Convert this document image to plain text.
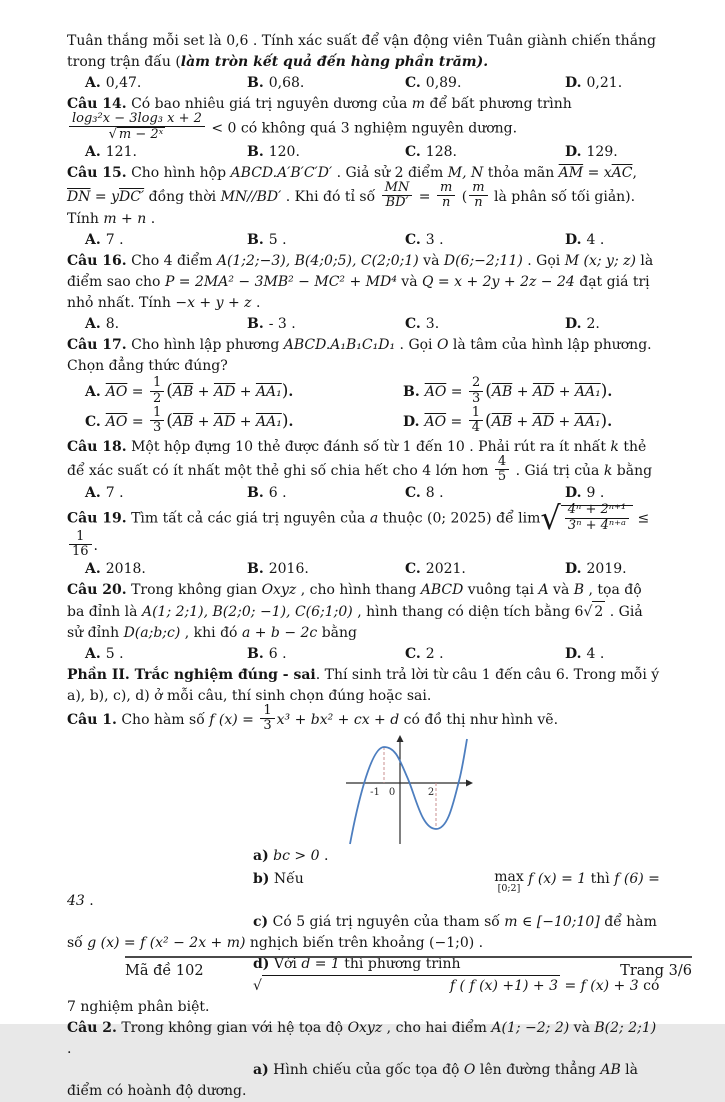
Tuân thắng mỗi set là 0,6 . Tính xác suất để vận động viên Tuân giành chiến thắng trong trận đấu (làm tròn kết quả đến hàng phần trăm).

A. 0,47.	B. 0,68.	C. 0,89.	D. 0,21.

Câu 14. Có bao nhiêu giá trị nguyên dương của m để bất phương trình
$\frac{\text{log₃²x − 3log₃ x + 2}}{\text{√ m − 2ˣ}} < 0$ có không quá 3 nghiệm nguyên dương.

A. 121.	B. 120.	C. 128.	D. 129.

Câu 15. Cho hình hộp ABCD.A′B′C′D′ . Giả sử 2 điểm M, N thỏa mãn $\overline{AM} = x\overline{AC}$, $\overline{DN} = yDC'$ đồng thời MN//BD′ . Khi đó tỉ số $\frac{MN}{BD'} = \frac{m}{n}$ ( $\frac{m}{n}$ là phân số tối giản). Tính m + n .

A. 7 .	B. 5 .	C. 3 .	D. 4 .

Câu 16. Cho 4 điểm A(1;2;−3), B(4;0;5), C(2;0;1) và D(6;−2;11) . Gọi M (x; y; z) là điểm sao cho P = 2MA² − 3MB² − MC² + MD⁴ và Q = x + 2y + 2z − 24 đạt giá trị nhỏ nhất. Tính −x + y + z .

A. 8.	B. - 3 .	C. 3.	D. 2.

Câu 17. Cho hình lập phương ABCD.A₁B₁C₁D₁ . Gọi O là tâm của hình lập phương. Chọn đẳng thức đúng?

A. $\overline{AO} = \frac{1}{2} (\overline{AB} + \overline{AD} + AA_1)$.	B. $\overline{AO} = \frac{2}{3} (\overline{AB} + \overline{AD} + AA_1)$.
C. $\overline{AO} = \frac{1}{3} (\overline{AB} + \overline{AD} + AA_1)$.	D. $\overline{AO} = \frac{1}{4} (\overline{AB} + \overline{AD} + AA_1)$.

Câu 18. Một hộp đựng 10 thẻ được đánh số từ 1 đến 10 . Phải rút ra ít nhất k thẻ để xác suất có ít nhất một thẻ ghi số chia hết cho 4 lớn hơn $\frac{4}{5}$ . Giá trị của k bằng

A. 7 .	B. 6 .	C. 8 .	D. 9 .

Câu 19. Tìm tất cả các giá trị nguyên của a thuộc (0; 2025) để lim √ $\frac{\text{4ⁿ + 2ⁿ⁺¹}}{\text{3ⁿ + 4ⁿ⁺ᵃ}}$ ≤
$\frac{1}{16}$ .

A. 2018.	B. 2016.	C. 2021.	D. 2019.

Câu 20. Trong không gian Oxyz , cho hình thang ABCD vuông tại A và B , tọa độ ba đỉnh là A(1; 2;1), B(2;0; −1), C(6;1;0) , hình thang có diện tích bằng 6 √ 2 . Giả sử đỉnh D(a;b;c) , khi đó a + b − 2c bằng

A. 5 .	B. 6 .	C. 2 .	D. 4 .

Phần II. Trắc nghiệm đúng - sai. Thí sinh trả lời từ câu 1 đến câu 6. Trong mỗi ý a), b), c), d) ở mỗi câu, thí sinh chọn đúng hoặc sai.

Câu 1. Cho hàm số f $(x) = \frac{1}{3} x^3 + bx^2$ + cx + d có đồ thị như hình vẽ.

-1 0	2

a) bc > 0 .

b) Nếu	max
[0;2]
f (x) = 1 thì f (6) = 43 .

c) Có 5 giá trị nguyên của tham số m ∈ [−10;10] để hàm số g (x) = f (x² − 2x + m) nghịch biến trên khoảng (−1;0) .

d) Với d = 1 thì phương trình
√	f ( f (x) +1) + 3 = f (x) + 3 có 7 nghiệm phân biệt.

Câu 2. Trong không gian với hệ tọa độ Oxyz , cho hai điểm A(1; −2; 2) và B(2; 2;1) .

a) Hình chiếu của gốc tọa độ O lên đường thẳng AB là điểm có hoành độ dương.

Mã đề 102	Trang 3/6
